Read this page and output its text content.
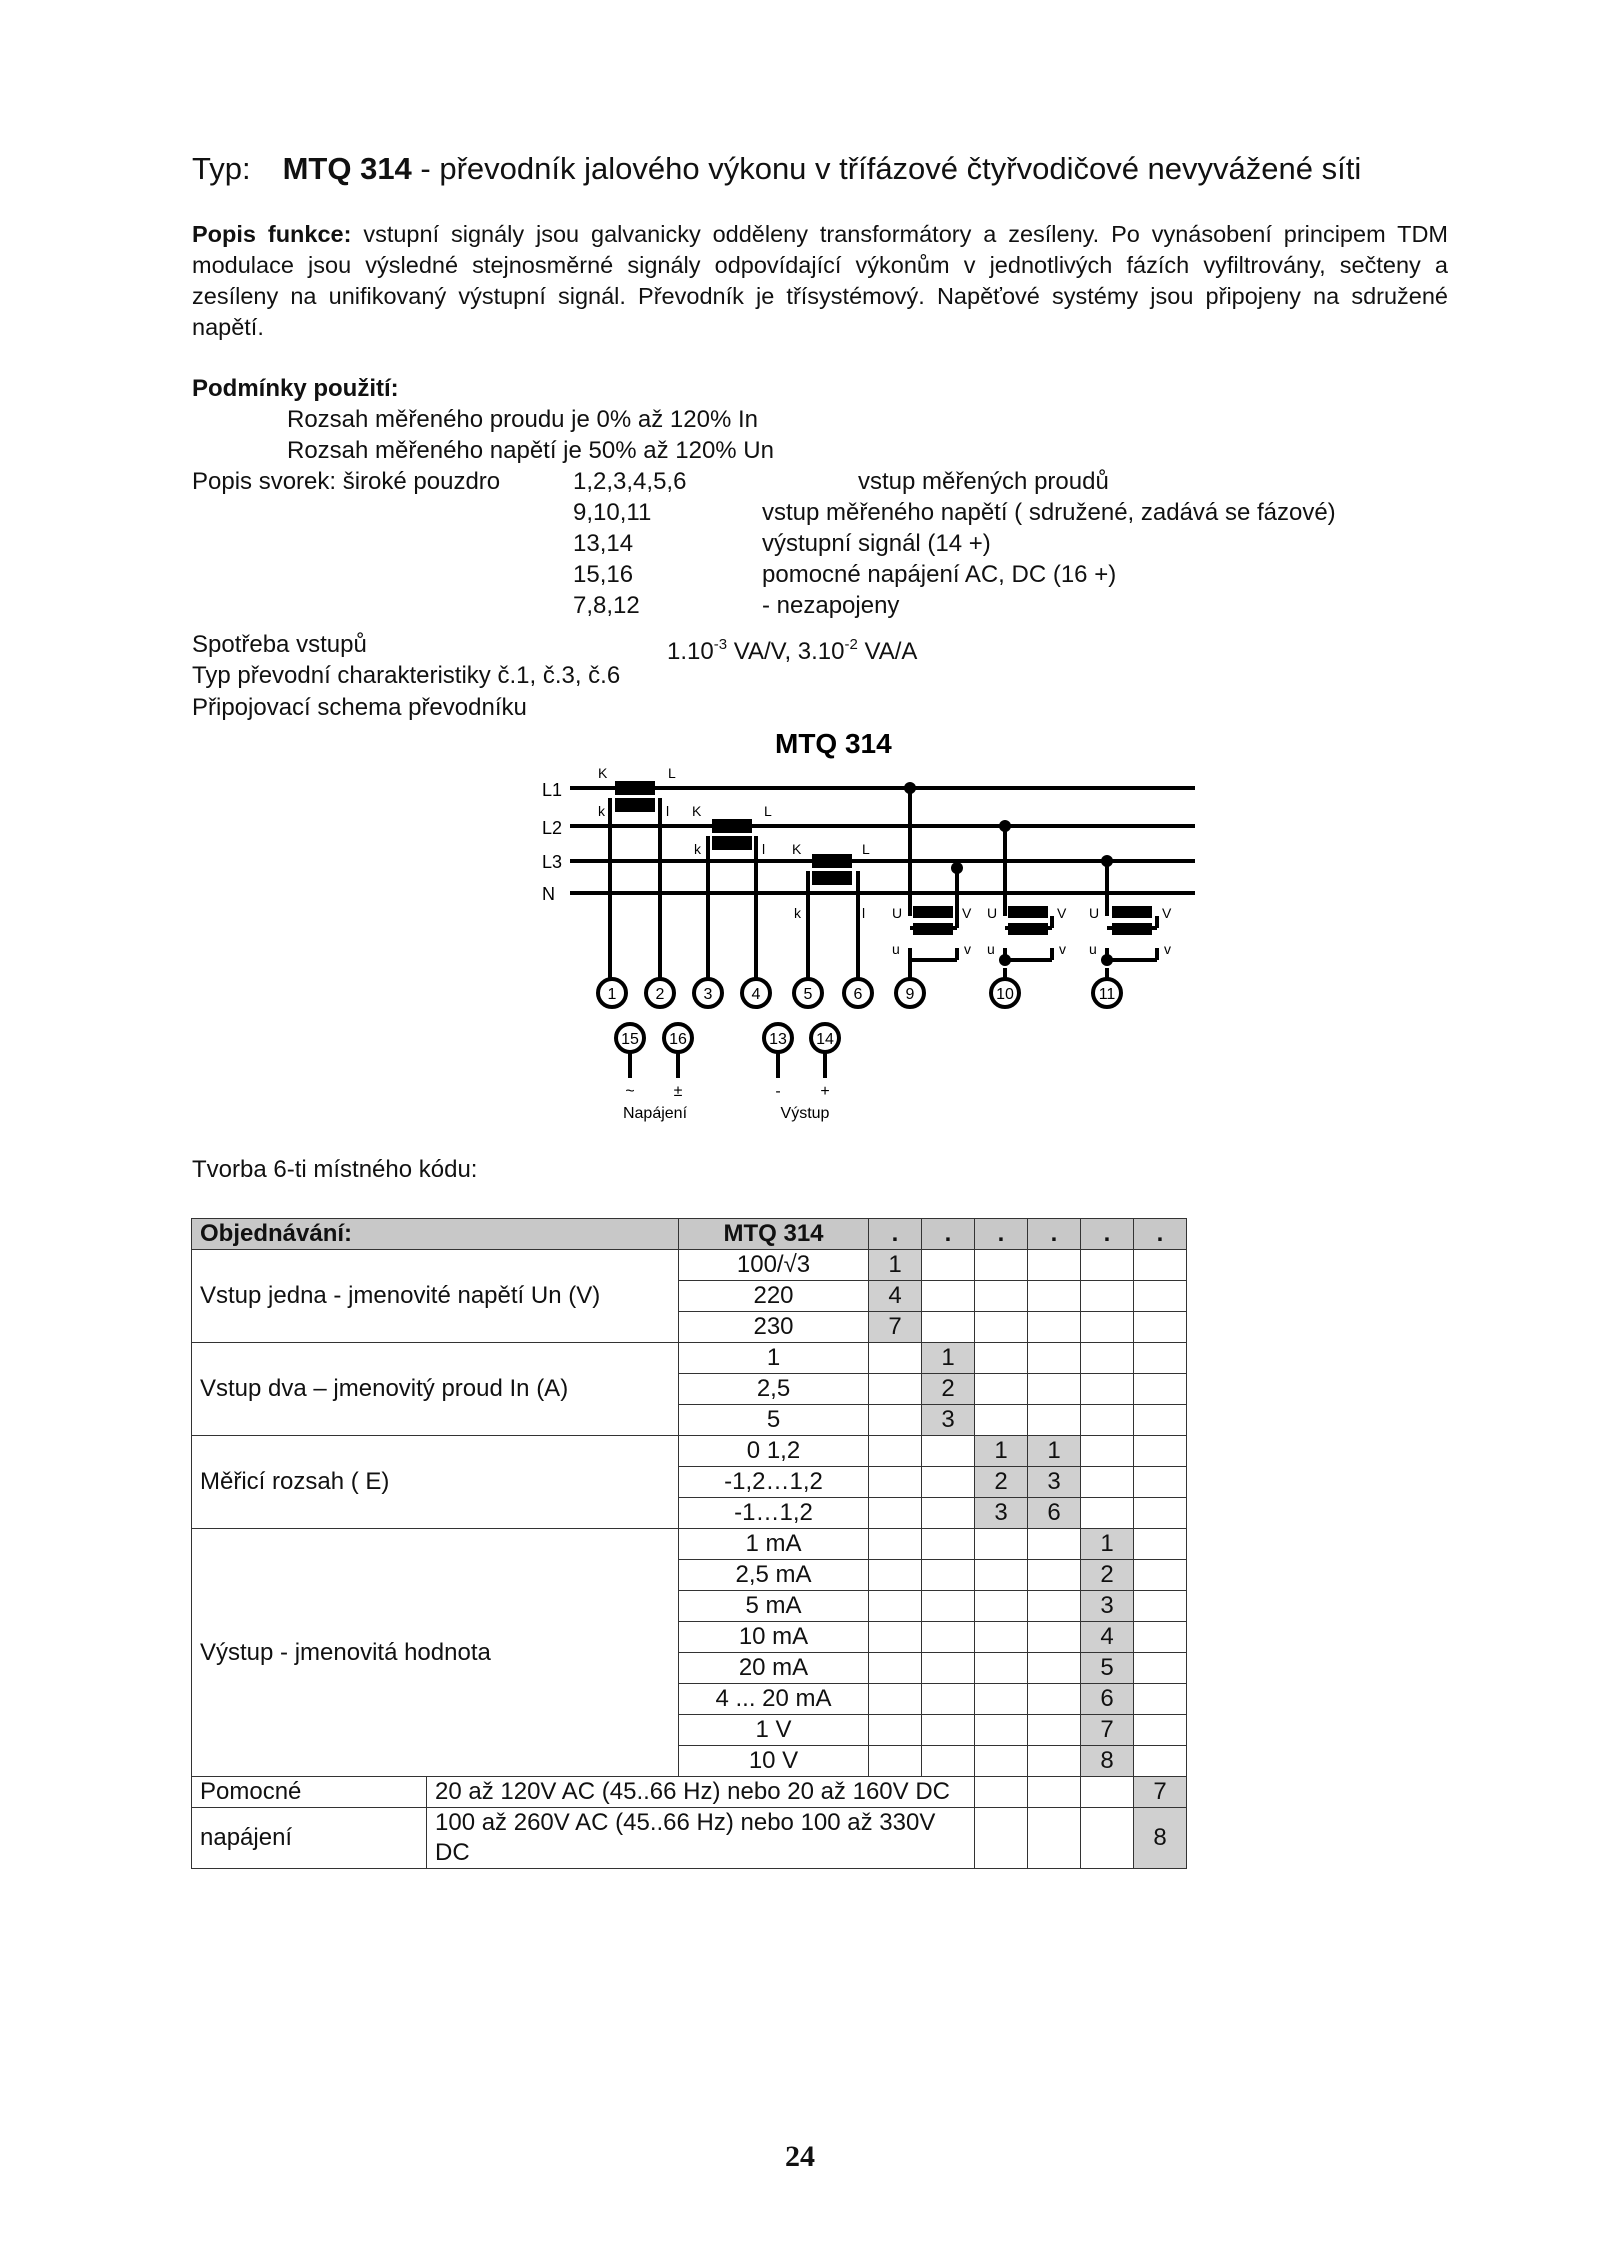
Typ: MTQ 314 - převodník jalového výkonu v třífázové čtyřvodičové nevyvážené síti

Popis funkce: vstupní signály jsou galvanicky odděleny transformátory a zesíleny. Po vynásobení principem TDM modulace jsou výsledné stejnosměrné signály odpovídající výkonům v jednotlivých fázích vyfiltrovány, sečteny a zesíleny na unifikovaný výstupní signál. Převodník je třísystémový. Napěťové systémy jsou připojeny na sdružené napětí.

Podmínky použití:
Rozsah měřeného proudu je 0% až 120% In
Rozsah měřeného napětí je 50% až 120% Un
Popis svorek: široké pouzdro	1,2,3,4,5,6	vstup měřených proudů
9,10,11	vstup měřeného napětí ( sdružené, zadává se fázové)
13,14	výstupní signál (14 +)
15,16	pomocné napájení AC, DC (16 +)
7,8,12	- nezapojeny
Spotřeba vstupů	$1.10^{-3}$ VA/V, $3.10^{-2}$ VA/A
Typ převodní charakteristiky č.1, č.3, č.6
Připojovací schema převodníku
MTQ 314
L1
L2
L3
N
K	L
k	l K	L
k	l K	L
k	l U	V U	V U	V
u	v u	v u	v
1 2 3 4	5	6	9	10	11
15 16	13 14
~ ±	- +
Napájení	Výstup
Tvorba 6-ti místného kódu:
Objednávání:		MTQ 314	.	.	.	.	.	.
Vstup jedna - jmenovité napětí Un (V)		100/√3	1					
		220	4					
		230	7					
Vstup dva – jmenovitý proud In (A)		1		1				
		2,5		2				
		5		3				
Měřicí rozsah ( E)		0 1,2			1	1		
		-1,2…1,2			2	3		
		-1…1,2			3	6		
Výstup - jmenovitá hodnota		1 mA					1	
		2,5 mA					2	
		5 mA					3	
		10 mA					4	
		20 mA					5	
		4 ... 20 mA					6	
		1 V					7	
		10 V					8	
Pomocné	20 až 120V AC (45..66 Hz) nebo 20 až 160V DC							7
napájení	100 až 260V AC (45..66 Hz) nebo 100 až 330V DC							8
24
